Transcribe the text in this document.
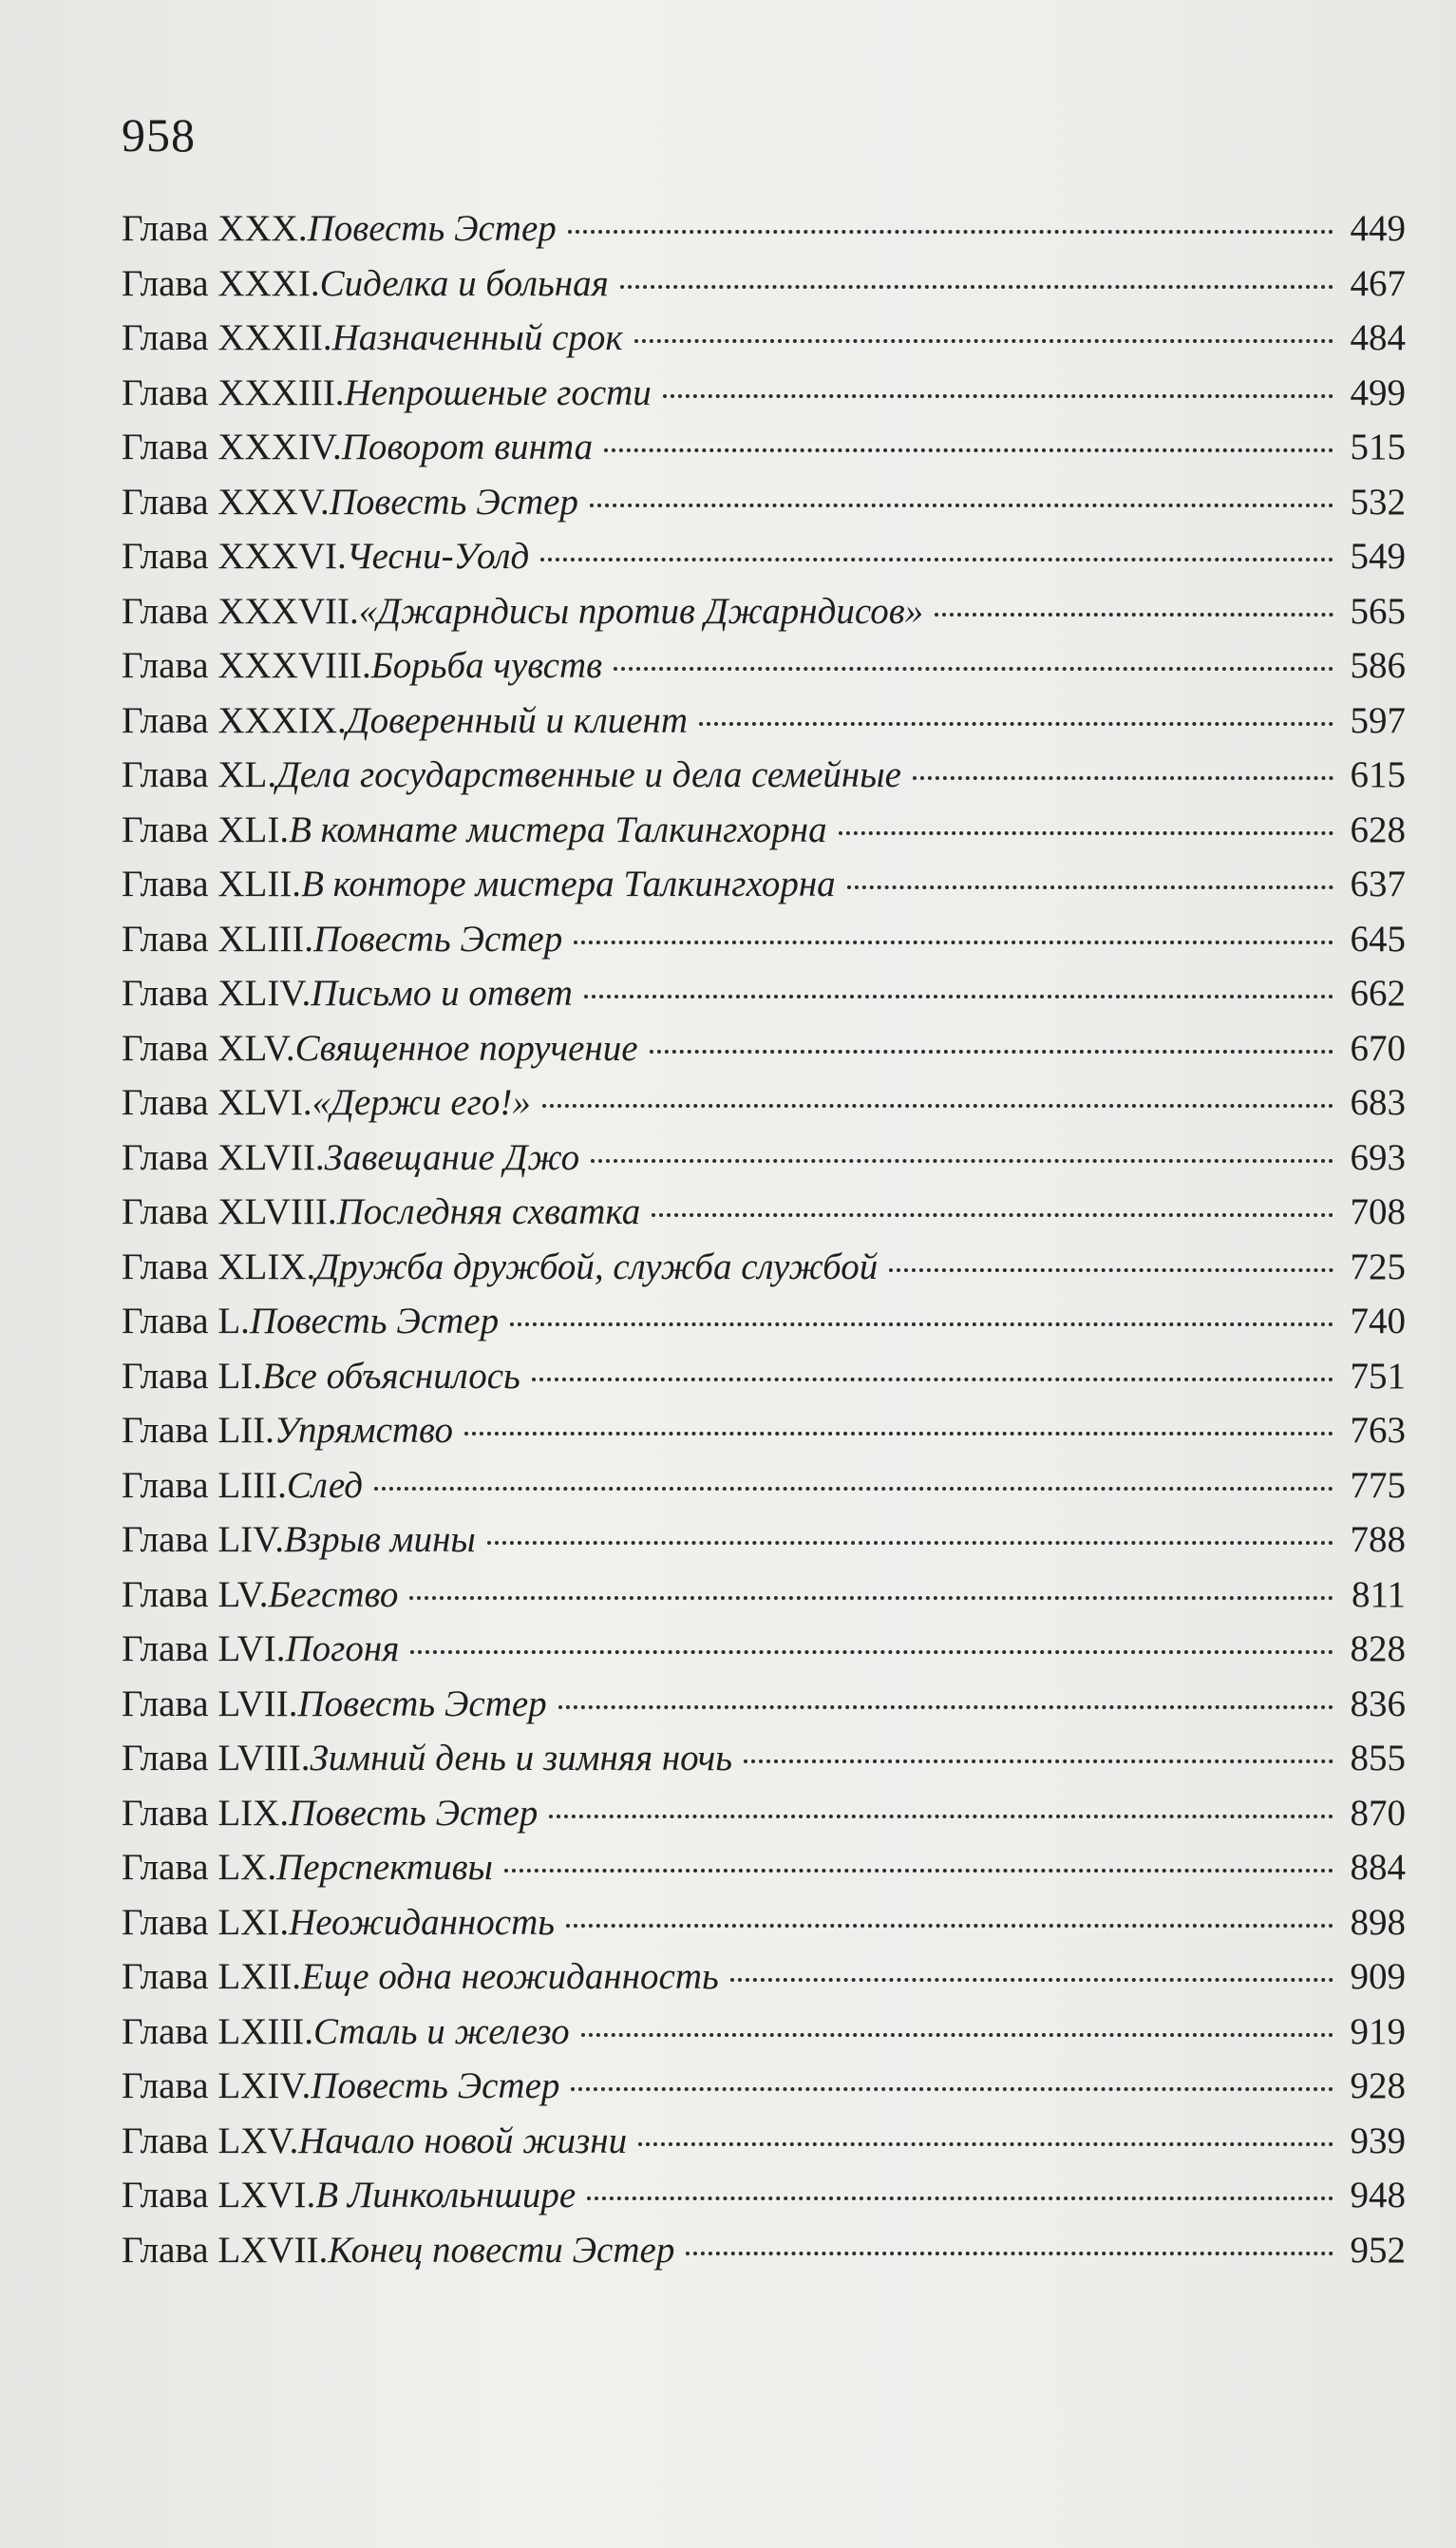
958
Глава XXX. Повесть Эстер	449
Глава XXXI. Сиделка и больная	467
Глава XXXII. Назначенный срок	484
Глава XXXIII. Непрошеные гости	499
Глава XXXIV. Поворот винта	515
Глава XXXV. Повесть Эстер	532
Глава XXXVI. Чесни-Уолд	549
Глава XXXVII. «Джарндисы против Джарндисов»	565
Глава XXXVIII. Борьба чувств	586
Глава XXXIX. Доверенный и клиент	597
Глава XL. Дела государственные и дела семейные	615
Глава XLI. В комнате мистера Талкингхорна	628
Глава XLII. В конторе мистера Талкингхорна	637
Глава XLIII. Повесть Эстер	645
Глава XLIV. Письмо и ответ	662
Глава XLV. Священное поручение	670
Глава XLVI. «Держи его!»	683
Глава XLVII. Завещание Джо	693
Глава XLVIII. Последняя схватка	708
Глава XLIX. Дружба дружбой, служба службой	725
Глава L. Повесть Эстер	740
Глава LI. Все объяснилось	751
Глава LII. Упрямство	763
Глава LIII. След	775
Глава LIV. Взрыв мины	788
Глава LV. Бегство	811
Глава LVI. Погоня	828
Глава LVII. Повесть Эстер	836
Глава LVIII. Зимний день и зимняя ночь	855
Глава LIX. Повесть Эстер	870
Глава LX. Перспективы	884
Глава LXI. Неожиданность	898
Глава LXII. Еще одна неожиданность	909
Глава LXIII. Сталь и железо	919
Глава LXIV. Повесть Эстер	928
Глава LXV. Начало новой жизни	939
Глава LXVI. В Линкольншире	948
Глава LXVII. Конец повести Эстер	952
